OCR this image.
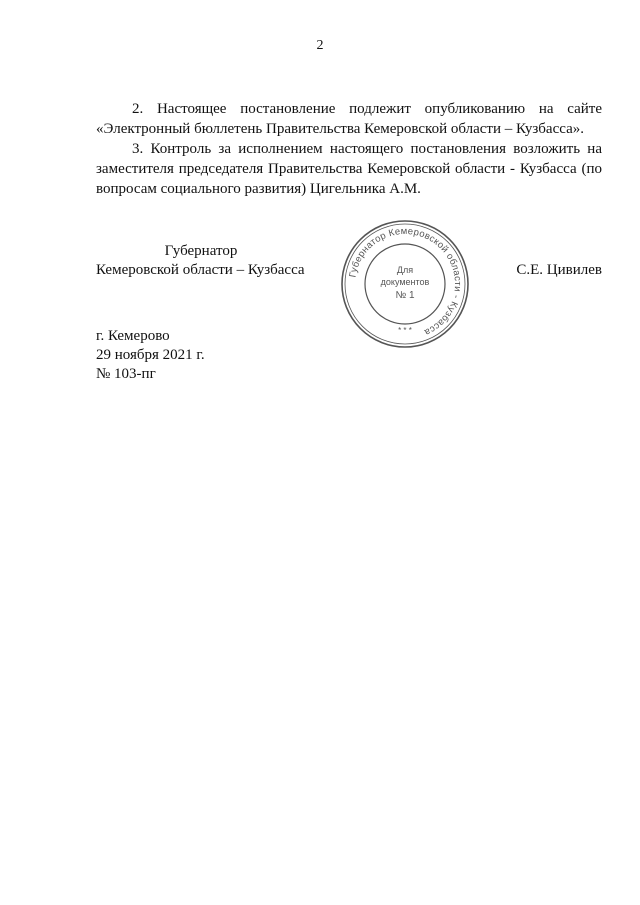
2

2. Настоящее постановление подлежит опубликованию на сайте «Электронный бюллетень Правительства Кемеровской области – Кузбасса».

3. Контроль за исполнением настоящего постановления возложить на заместителя председателя Правительства Кемеровской области - Кузбасса (по вопросам социального развития) Цигельника А.М.

Губернатор
Кемеровской области – Кузбасса	Губернатор Кемеровской области - Кузбасса
Для
документов
№ 1
* * *
С.Е. Цивилев
г. Кемерово
29 ноября 2021 г.
№ 103-пг
